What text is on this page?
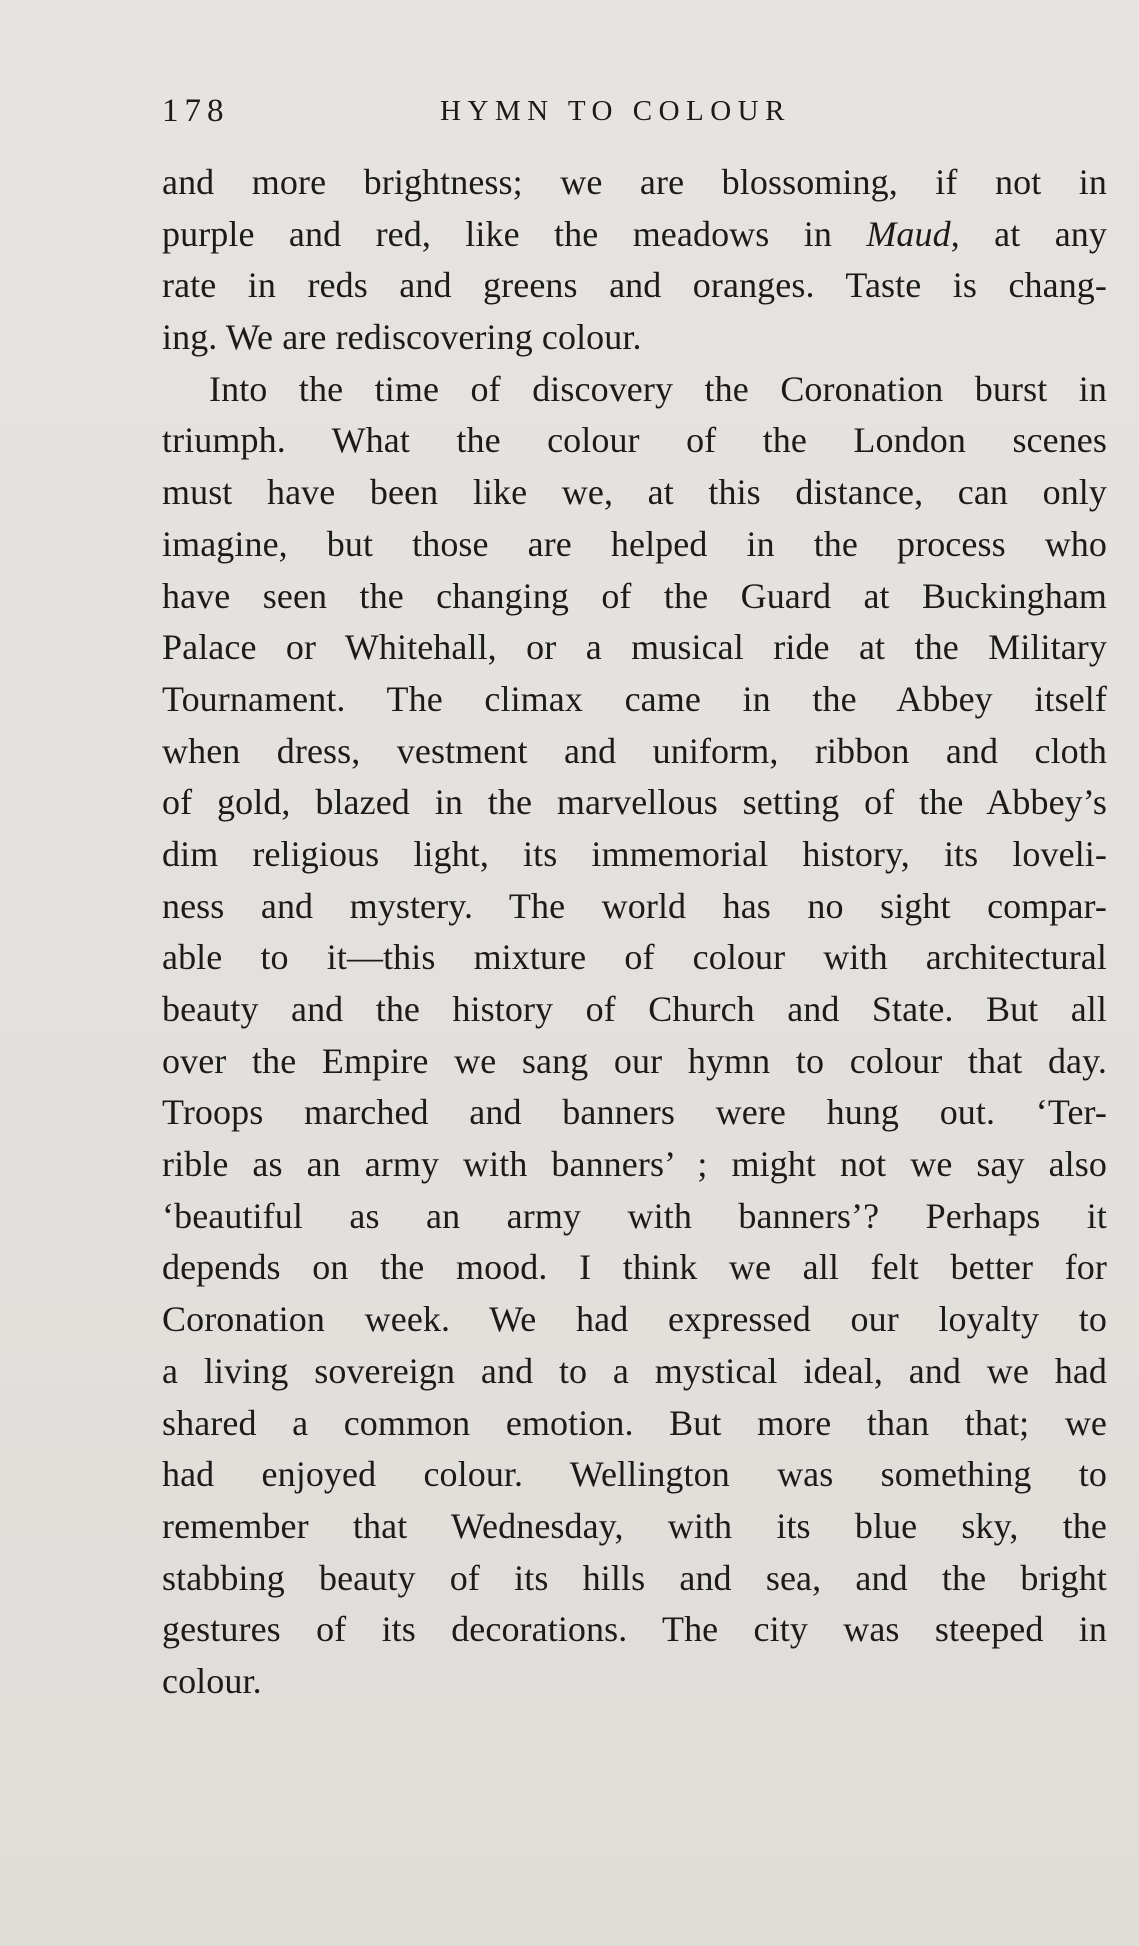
178	HYMN TO COLOUR
and more brightness; we are blossoming, if not in
purple and red, like the meadows in Maud, at any
rate in reds and greens and oranges. Taste is chang-
ing. We are rediscovering colour.
Into the time of discovery the Coronation burst in
triumph. What the colour of the London scenes
must have been like we, at this distance, can only
imagine, but those are helped in the process who
have seen the changing of the Guard at Buckingham
Palace or Whitehall, or a musical ride at the Military
Tournament. The climax came in the Abbey itself
when dress, vestment and uniform, ribbon and cloth
of gold, blazed in the marvellous setting of the Abbey’s
dim religious light, its immemorial history, its loveli-
ness and mystery. The world has no sight compar-
able to it—this mixture of colour with architectural
beauty and the history of Church and State. But all
over the Empire we sang our hymn to colour that day.
Troops marched and banners were hung out. ‘Ter-
rible as an army with banners’ ; might not we say also
‘beautiful as an army with banners’? Perhaps it
depends on the mood. I think we all felt better for
Coronation week. We had expressed our loyalty to
a living sovereign and to a mystical ideal, and we had
shared a common emotion. But more than that; we
had enjoyed colour. Wellington was something to
remember that Wednesday, with its blue sky, the
stabbing beauty of its hills and sea, and the bright
gestures of its decorations. The city was steeped in
colour.
